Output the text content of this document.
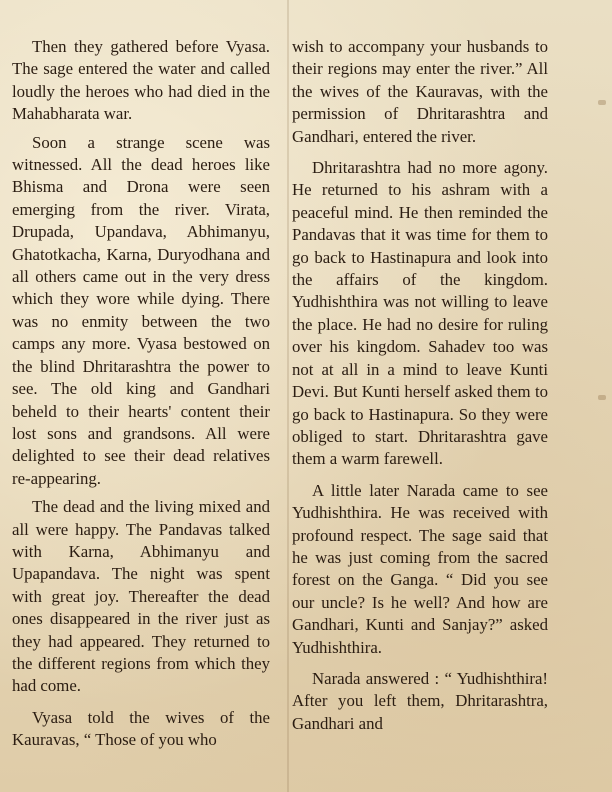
Then they gathered before Vyasa. The sage entered the water and called loudly the heroes who had died in the Mahabharata war.

Soon a strange scene was witnessed. All the dead heroes like Bhisma and Drona were seen emerging from the river. Virata, Drupada, Upandava, Abhimanyu, Ghatotkacha, Karna, Duryodhana and all others came out in the very dress which they wore while dying. There was no enmity between the two camps any more. Vyasa bestowed on the blind Dhritarashtra the power to see. The old king and Gandhari beheld to their hearts' content their lost sons and grandsons. All were delighted to see their dead relatives re-appearing.

The dead and the living mixed and all were happy. The Pandavas talked with Karna, Abhimanyu and Upapandava. The night was spent with great joy. Thereafter the dead ones disappeared in the river just as they had appeared. They returned to the different regions from which they had come.

Vyasa told the wives of the Kauravas, “ Those of you who

wish to accompany your husbands to their regions may enter the river.” All the wives of the Kauravas, with the permission of Dhritarashtra and Gandhari, entered the river.

Dhritarashtra had no more agony. He returned to his ashram with a peaceful mind. He then reminded the Pandavas that it was time for them to go back to Hastinapura and look into the affairs of the kingdom. Yudhishthira was not willing to leave the place. He had no desire for ruling over his kingdom. Sahadev too was not at all in a mind to leave Kunti Devi. But Kunti herself asked them to go back to Hastinapura. So they were obliged to start. Dhritarashtra gave them a warm farewell.

A little later Narada came to see Yudhishthira. He was received with profound respect. The sage said that he was just coming from the sacred forest on the Ganga. “ Did you see our uncle? Is he well? And how are Gandhari, Kunti and Sanjay?” asked Yudhishthira.

Narada answered : “ Yudhishthira! After you left them, Dhritarashtra, Gandhari and
